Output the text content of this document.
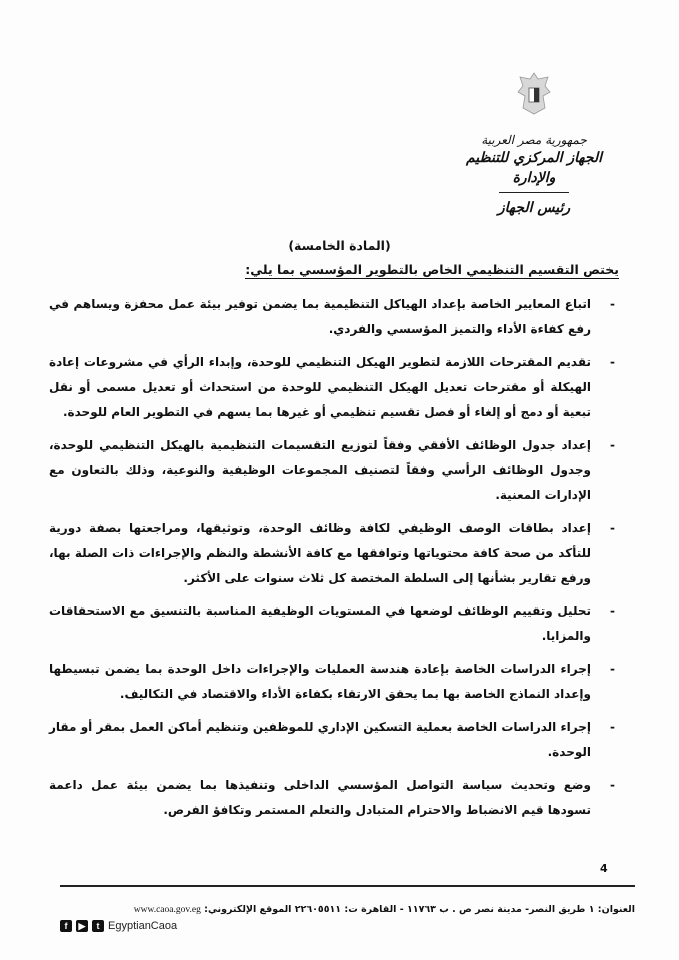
جمهورية مصر العربية
الجهاز المركزي للتنظيم والإدارة
رئيس الجهاز
(المادة الخامسة)
يختص التقسيم التنظيمي الخاص بالتطوير المؤسسي بما يلي:
-
اتباع المعايير الخاصة بإعداد الهياكل التنظيمية بما يضمن توفير بيئة عمل محفزة ويساهم في رفع كفاءة الأداء والتميز المؤسسي والفردي.
-
تقديم المقترحات اللازمة لتطوير الهيكل التنظيمي للوحدة، وإبداء الرأي في مشروعات إعادة الهيكلة أو مقترحات تعديل الهيكل التنظيمي للوحدة من استحداث أو تعديل مسمى أو نقل تبعية أو دمج أو إلغاء أو فصل تقسيم تنظيمي أو غيرها بما يسهم في التطوير العام للوحدة.
-
إعداد جدول الوظائف الأفقي وفقاً لتوزيع التقسيمات التنظيمية بالهيكل التنظيمي للوحدة، وجدول الوظائف الرأسي وفقاً لتصنيف المجموعات الوظيفية والنوعية، وذلك بالتعاون مع الإدارات المعنية.
-
إعداد بطاقات الوصف الوظيفي لكافة وظائف الوحدة، وتوثيقها، ومراجعتها بصفة دورية للتأكد من صحة كافة محتوياتها وتوافقها مع كافة الأنشطة والنظم والإجراءات ذات الصلة بها، ورفع تقارير بشأنها إلى السلطة المختصة كل ثلاث سنوات على الأكثر.
-
تحليل وتقييم الوظائف لوضعها في المستويات الوظيفية المناسبة بالتنسيق مع الاستحقاقات والمزايا.
-
إجراء الدراسات الخاصة بإعادة هندسة العمليات والإجراءات داخل الوحدة بما يضمن تبسيطها وإعداد النماذج الخاصة بها بما يحقق الارتقاء بكفاءة الأداء والاقتصاد في التكاليف.
-
إجراء الدراسات الخاصة بعملية التسكين الإداري للموظفين وتنظيم أماكن العمل بمقر أو مقار الوحدة.
-
وضع وتحديث سياسة التواصل المؤسسي الداخلى وتنفيذها بما يضمن بيئة عمل داعمة تسودها قيم الانضباط والاحترام المتبادل والتعلم المستمر وتكافؤ الفرص.
4
العنوان: ١ طريق النصر- مدينة نصر ص . ب ١١٧٦٣ - القاهرة ت: ٢٢٦٠٥٥١١ الموقع الإلكتروني: www.caoa.gov.eg
f	▶	t EgyptianCaoa
